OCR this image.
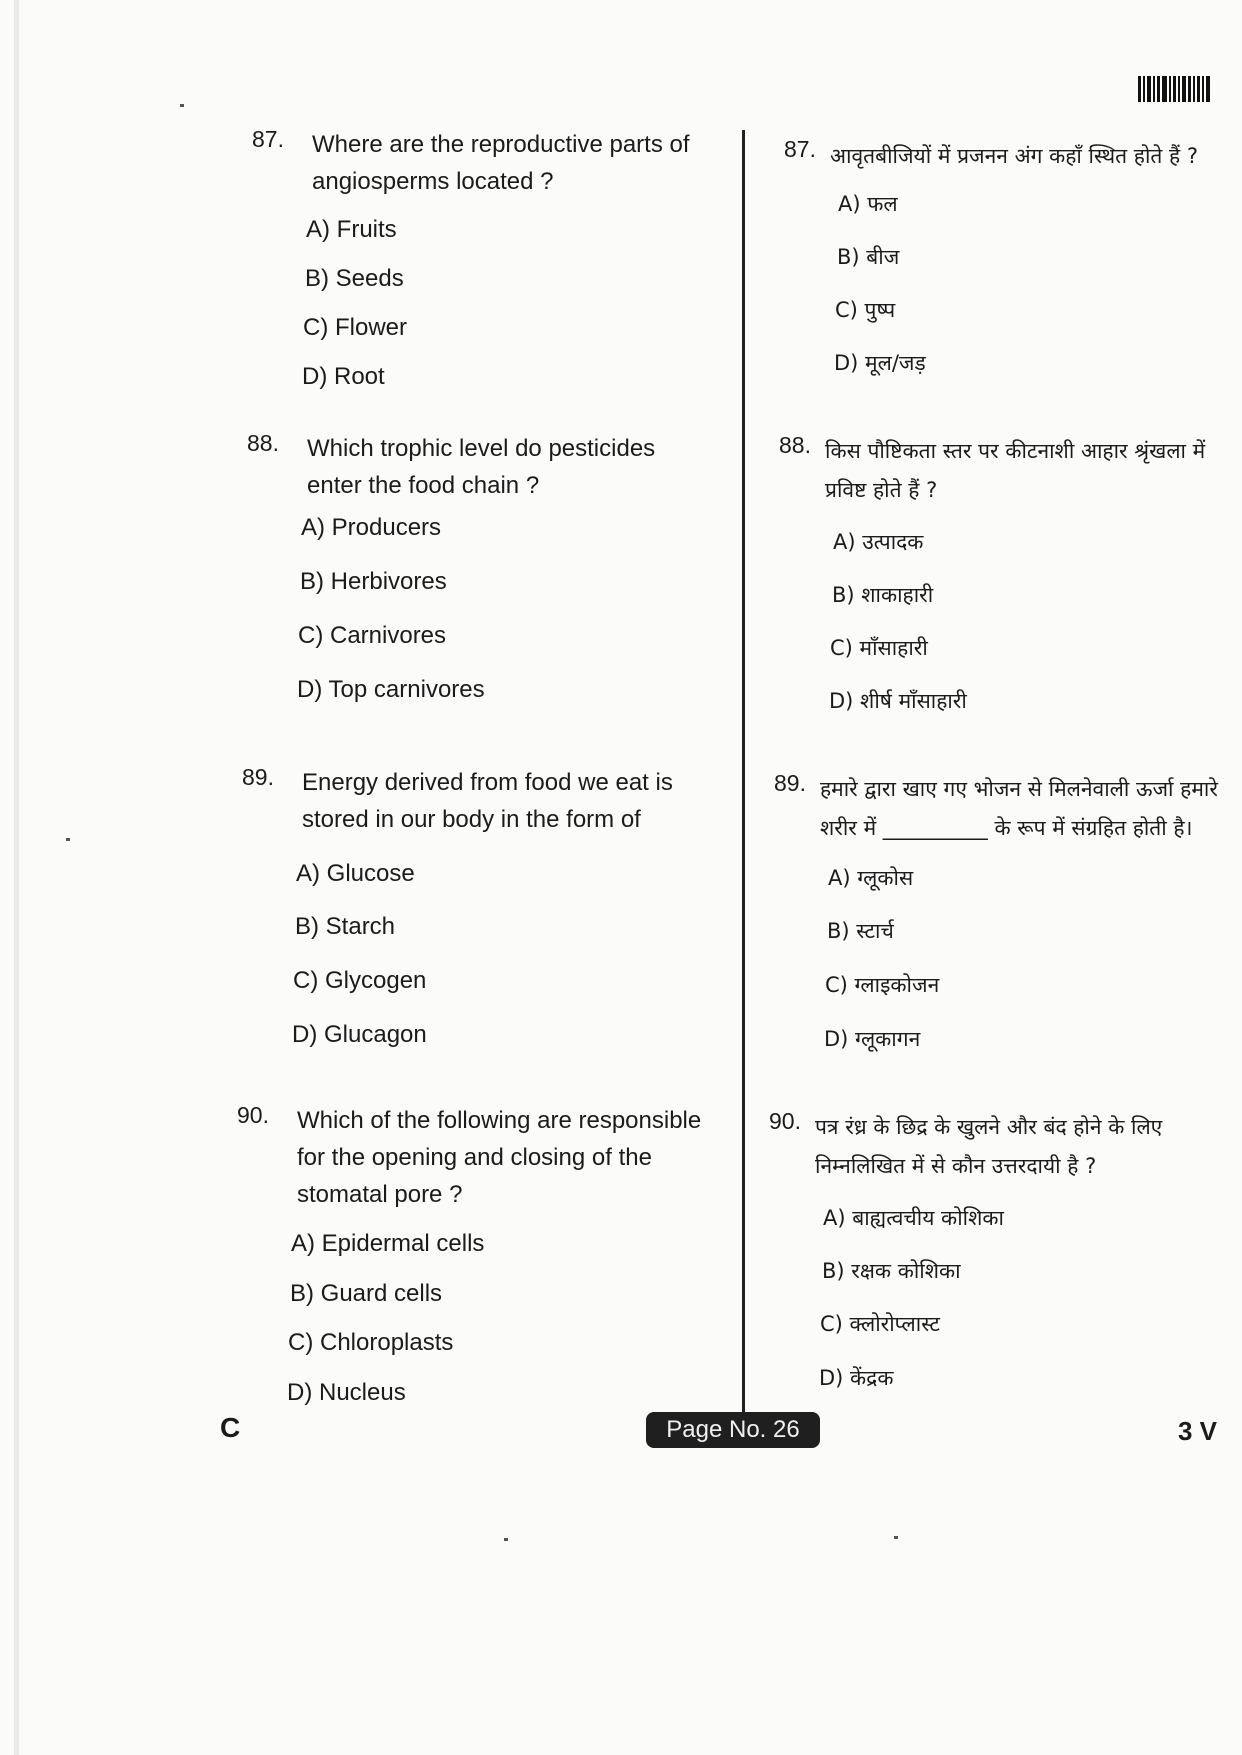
87. Where are the reproductive parts of angiosperms located ?
A) Fruits
B) Seeds
C) Flower
D) Root
88. Which trophic level do pesticides enter the food chain ?
A) Producers
B) Herbivores
C) Carnivores
D) Top carnivores
89. Energy derived from food we eat is stored in our body in the form of
A) Glucose
B) Starch
C) Glycogen
D) Glucagon
90. Which of the following are responsible for the opening and closing of the stomatal pore ?
A) Epidermal cells
B) Guard cells
C) Chloroplasts
D) Nucleus
87. आवृतबीजियों में प्रजनन अंग कहाँ स्थित होते हैं ?
A) फल
B) बीज
C) पुष्प
D) मूल/जड़
88. किस पौष्टिकता स्तर पर कीटनाशी आहार श्रृंखला में प्रविष्ट होते हैं ?
A) उत्पादक
B) शाकाहारी
C) माँसाहारी
D) शीर्ष माँसाहारी
89. हमारे द्वारा खाए गए भोजन से मिलनेवाली ऊर्जा हमारे शरीर में __________ के रूप में संग्रहित होती है।
A) ग्लूकोस
B) स्टार्च
C) ग्लाइकोजन
D) ग्लूकागन
90. पत्र रंध्र के छिद्र के खुलने और बंद होने के लिए निम्नलिखित में से कौन उत्तरदायी है ?
A) बाह्यत्वचीय कोशिका
B) रक्षक कोशिका
C) क्लोरोप्लास्ट
D) केंद्रक
C	Page No. 26	3 V
